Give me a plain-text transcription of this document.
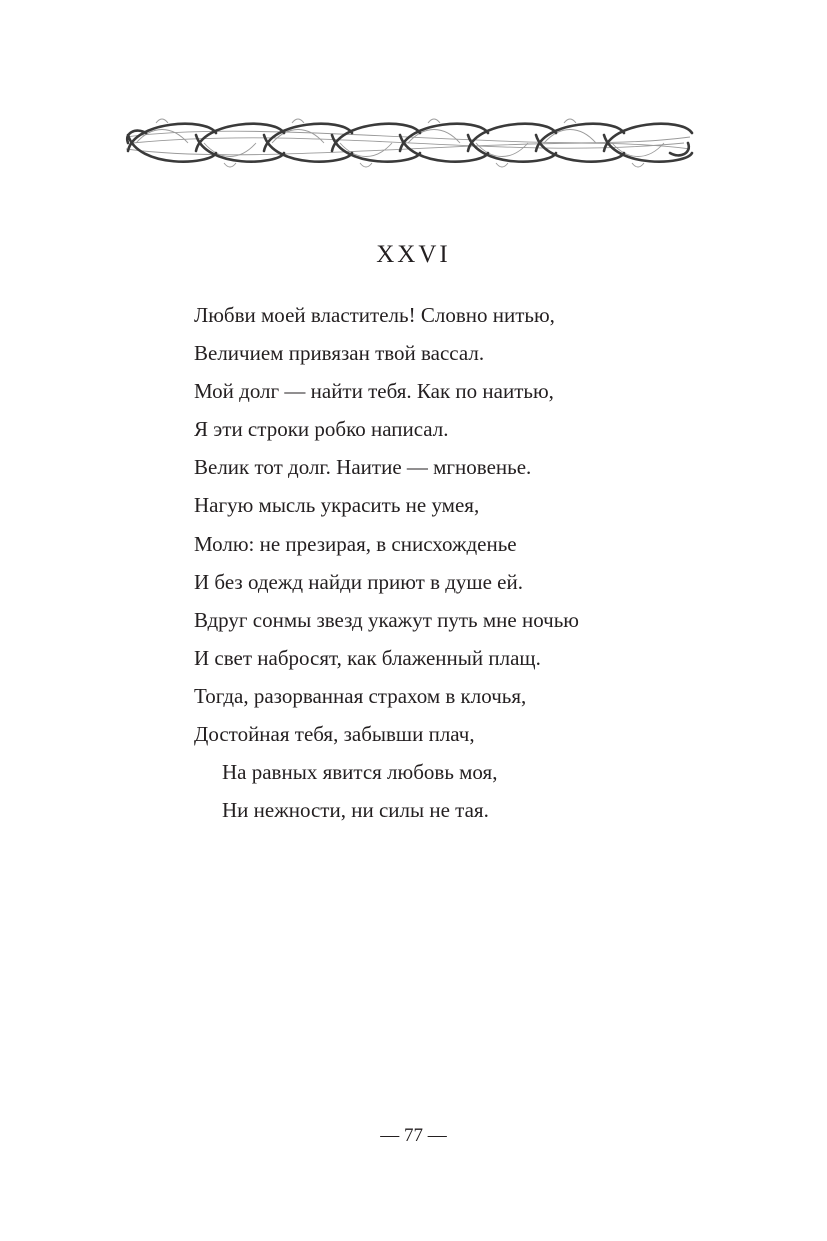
XXVI
Любви моей властитель! Словно нитью,
Величием привязан твой вассал.
Мой долг — найти тебя. Как по наитью,
Я эти строки робко написал.
Велик тот долг. Наитие — мгновенье.
Нагую мысль украсить не умея,
Молю: не презирая, в снисхожденье
И без одежд найди приют в душе ей.
Вдруг сонмы звезд укажут путь мне ночью
И свет набросят, как блаженный плащ.
Тогда, разорванная страхом в клочья,
Достойная тебя, забывши плач,
На равных явится любовь моя,
Ни нежности, ни силы не тая.
— 77 —
